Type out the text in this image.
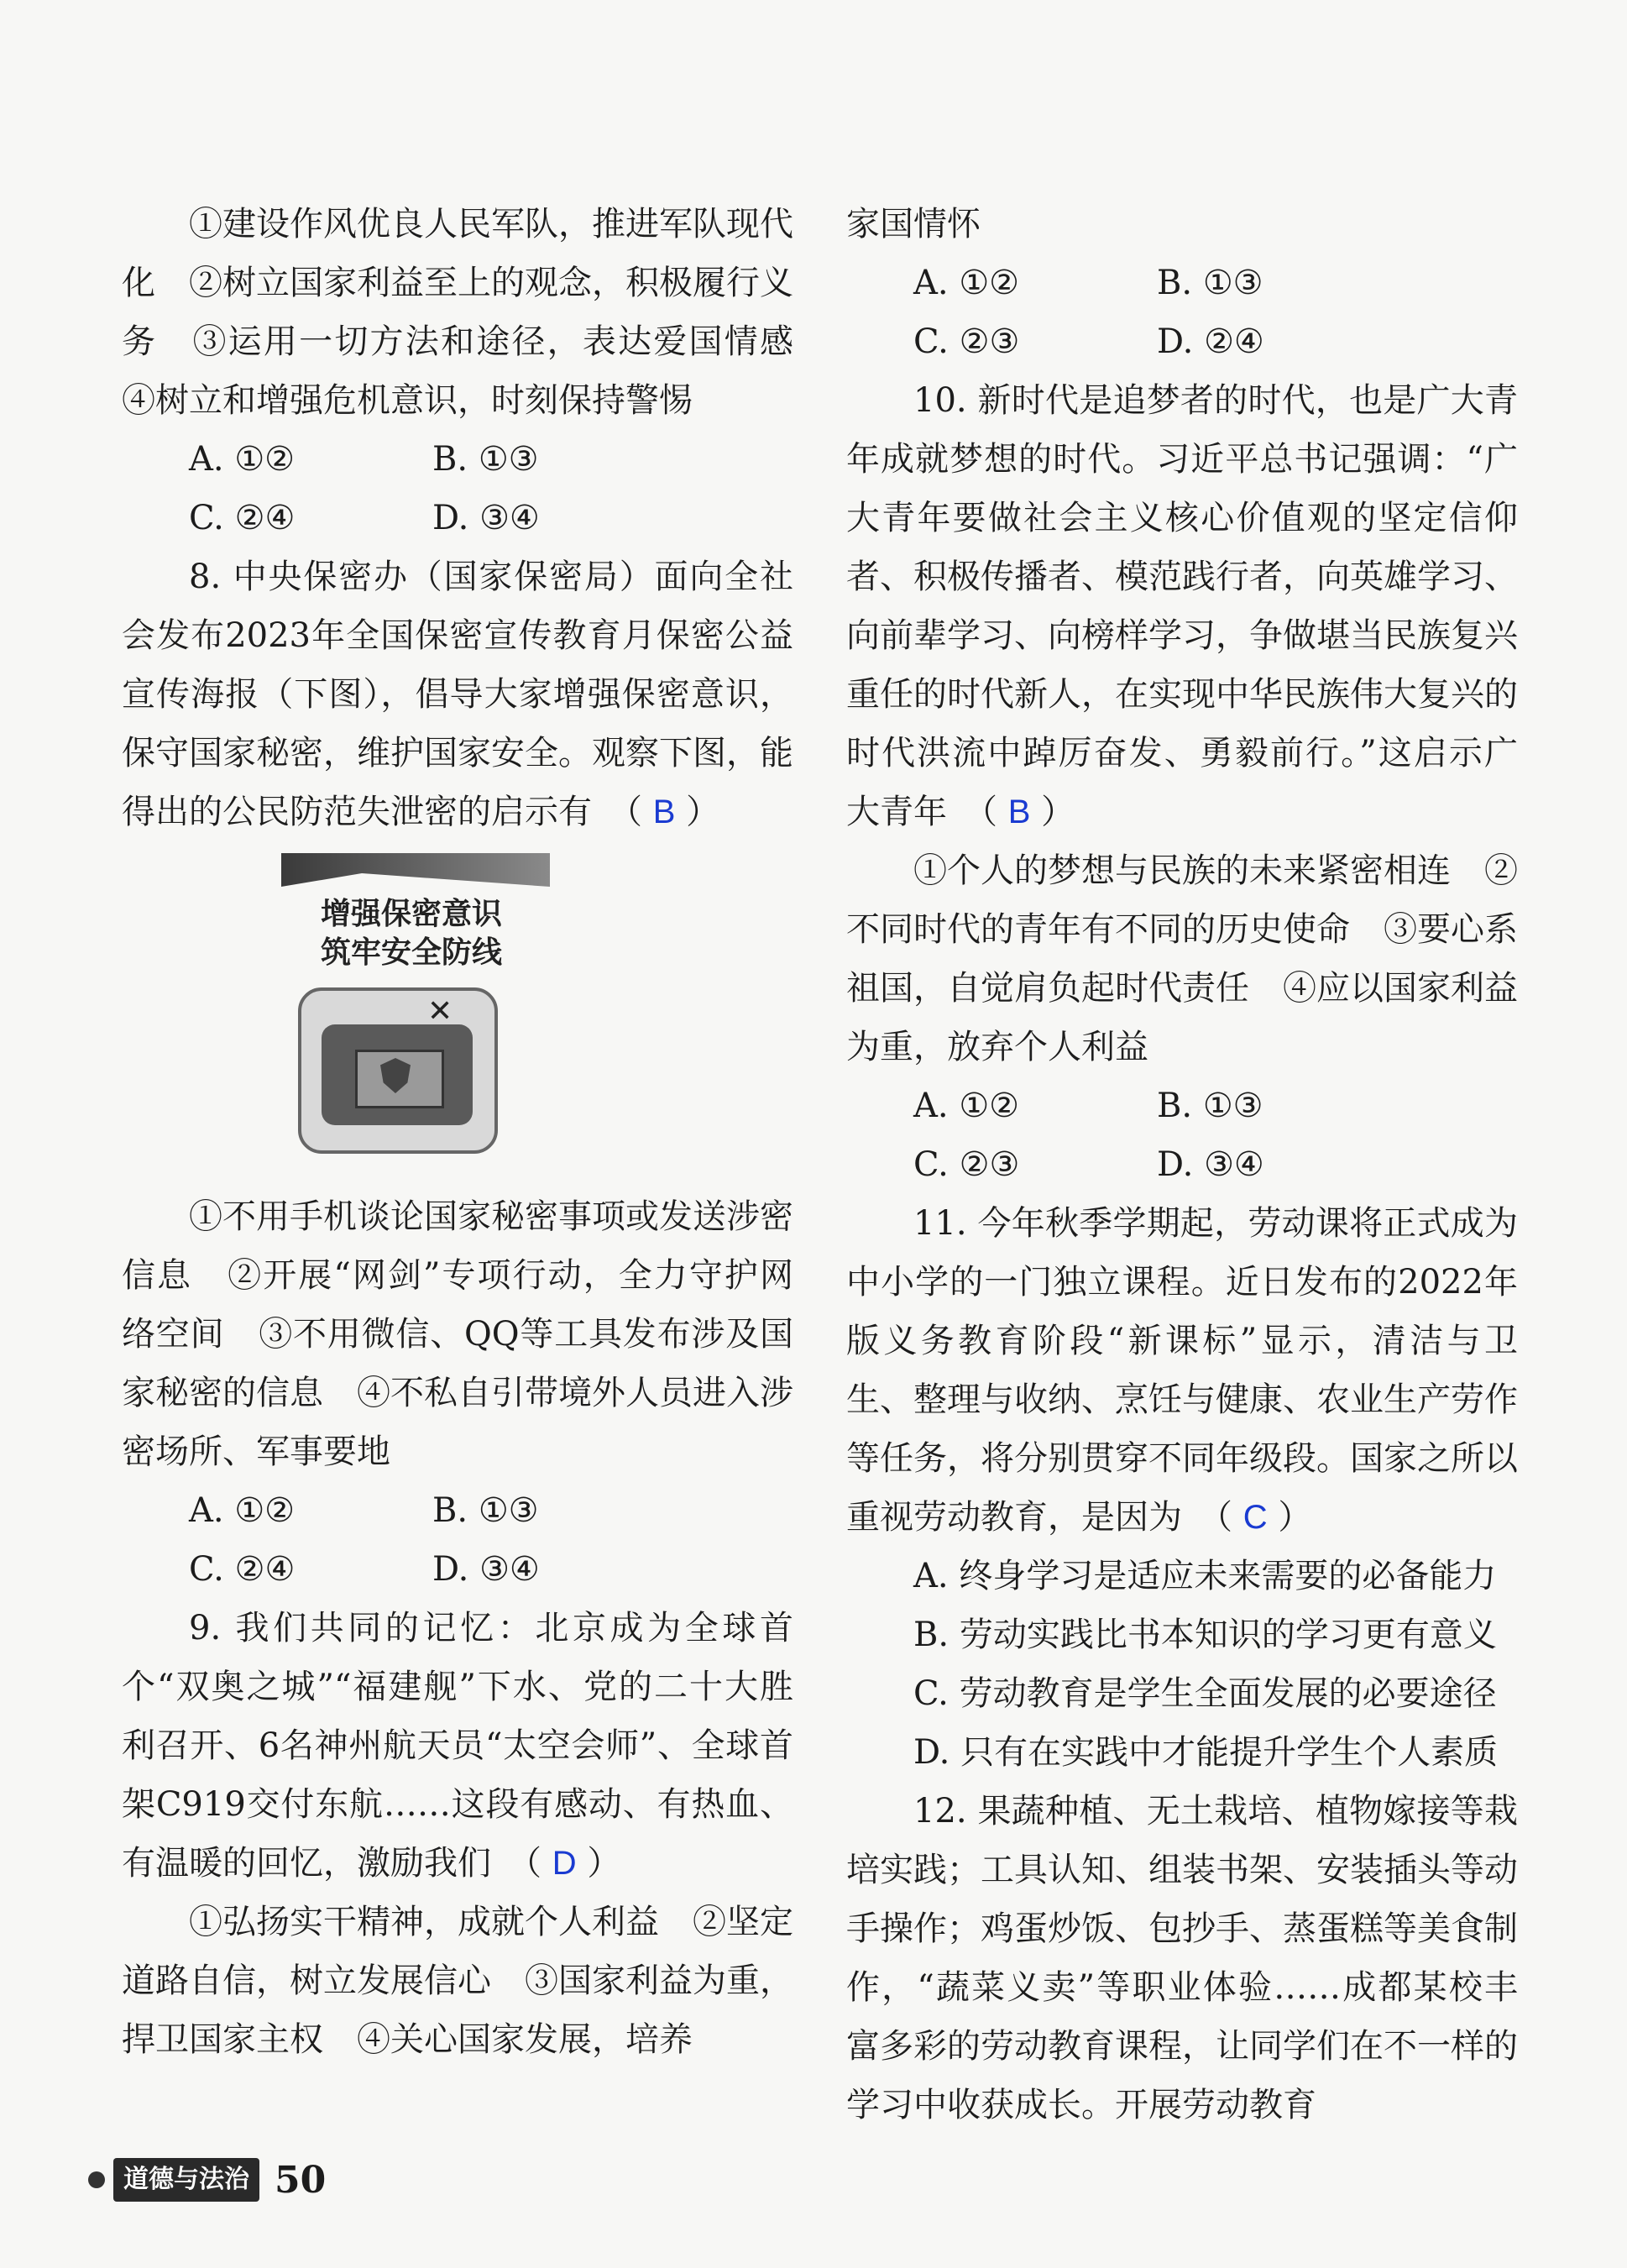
①建设作风优良人民军队，推进军队现代化　②树立国家利益至上的观念，积极履行义务　③运用一切方法和途径，表达爱国情感　④树立和增强危机意识，时刻保持警惕

A. ①②	B. ①③
C. ②④	D. ③④

8. 中央保密办（国家保密局）面向全社会发布2023年全国保密宣传教育月保密公益宣传海报（下图），倡导大家增强保密意识，保守国家秘密，维护国家安全。观察下图，能得出的公民防范失泄密的启示有　（ B ）

增强保密意识
筑牢安全防线
✕

①不用手机谈论国家秘密事项或发送涉密信息　②开展“网剑”专项行动，全力守护网络空间　③不用微信、QQ等工具发布涉及国家秘密的信息　④不私自引带境外人员进入涉密场所、军事要地

A. ①②	B. ①③
C. ②④	D. ③④

9. 我们共同的记忆：北京成为全球首个“双奥之城”“福建舰”下水、党的二十大胜利召开、6名神州航天员“太空会师”、全球首架C919交付东航……这段有感动、有热血、有温暖的回忆，激励我们　（ D ）

①弘扬实干精神，成就个人利益　②坚定道路自信，树立发展信心　③国家利益为重，捍卫国家主权　④关心国家发展，培养

家国情怀

A. ①②	B. ①③
C. ②③	D. ②④

10. 新时代是追梦者的时代，也是广大青年成就梦想的时代。习近平总书记强调：“广大青年要做社会主义核心价值观的坚定信仰者、积极传播者、模范践行者，向英雄学习、向前辈学习、向榜样学习，争做堪当民族复兴重任的时代新人，在实现中华民族伟大复兴的时代洪流中踔厉奋发、勇毅前行。”这启示广大青年　（ B ）

①个人的梦想与民族的未来紧密相连　②不同时代的青年有不同的历史使命　③要心系祖国，自觉肩负起时代责任　④应以国家利益为重，放弃个人利益

A. ①②	B. ①③
C. ②③	D. ③④

11. 今年秋季学期起，劳动课将正式成为中小学的一门独立课程。近日发布的2022年版义务教育阶段“新课标”显示，清洁与卫生、整理与收纳、烹饪与健康、农业生产劳作等任务，将分别贯穿不同年级段。国家之所以重视劳动教育，是因为　（ C ）

A. 终身学习是适应未来需要的必备能力
B. 劳动实践比书本知识的学习更有意义
C. 劳动教育是学生全面发展的必要途径
D. 只有在实践中才能提升学生个人素质

12. 果蔬种植、无土栽培、植物嫁接等栽培实践；工具认知、组装书架、安装插头等动手操作；鸡蛋炒饭、包抄手、蒸蛋糕等美食制作，“蔬菜义卖”等职业体验……成都某校丰富多彩的劳动教育课程，让同学们在不一样的学习中收获成长。开展劳动教育

道德与法治 50
